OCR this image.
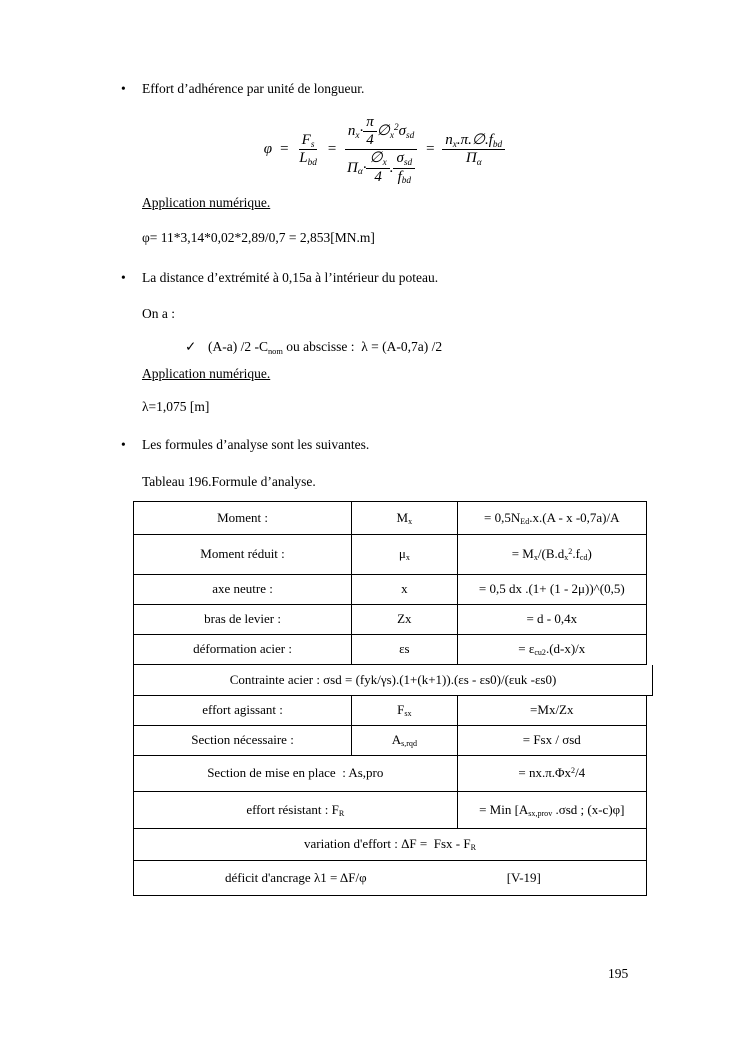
•	Effort d’adhérence par unité de longueur.
$\varphi = \frac{F_s}{L_{bd}}$ =
$n_x\cdot \frac{\pi}{4}$ $\emptyset_x^2\sigma_{sd}$
$\Pi_\alpha\cdot \frac{\emptyset_x}{4}$ . $\frac{\sigma_{sd}}{f_{bd}}$
= $\frac{n_x.\pi.\emptyset.f_{bd}}{\Pi_\alpha}$
Application numérique.
φ= 11*3,14*0,02*2,89/0,7 = 2,853[MN.m]
•	La distance d’extrémité à 0,15a à l’intérieur du poteau.
On a :
✓ (A-a) /2 $-C_{nom}$ ou abscisse :  λ = (A-0,7a) /2
Application numérique.
λ=1,075 [m]
•	Les formules d’analyse sont les suivantes.
Tableau 196.Formule d’analyse.
Moment :	$M_x$	= $0,5N_{Ed}.x.(A$ - x -0,7a)/A
Moment réduit :	$\mu_x$	= $M_x/(B.d_x^2.f_{cd})$
axe neutre :	x	= 0,5 dx .(1+ (1 - 2μ))^(0,5)
bras de levier :	Zx	= d - 0,4x
déformation acier :	εs	= $\varepsilon_{cu2}.(d-x)/x$
Contrainte acier : σsd = (fyk/γs).(1+(k+1)).(εs - εs0)/(εuk -εs0)
effort agissant :	$F_{sx}$	=Mx/Zx
Section nécessaire :	$A_{s,rqd}$	= Fsx / σsd
Section de mise en place  : As,pro	= $nx.\pi.\Phi x^2/4$
effort résistant : $F_R$	= Min [$A_{sx,prov}$ .σsd ; (x-c)φ]
variation d'effort : ΔF =  Fsx - $F_R$
déficit d'ancrage λ1 = ΔF/φ	[V-19]
195
